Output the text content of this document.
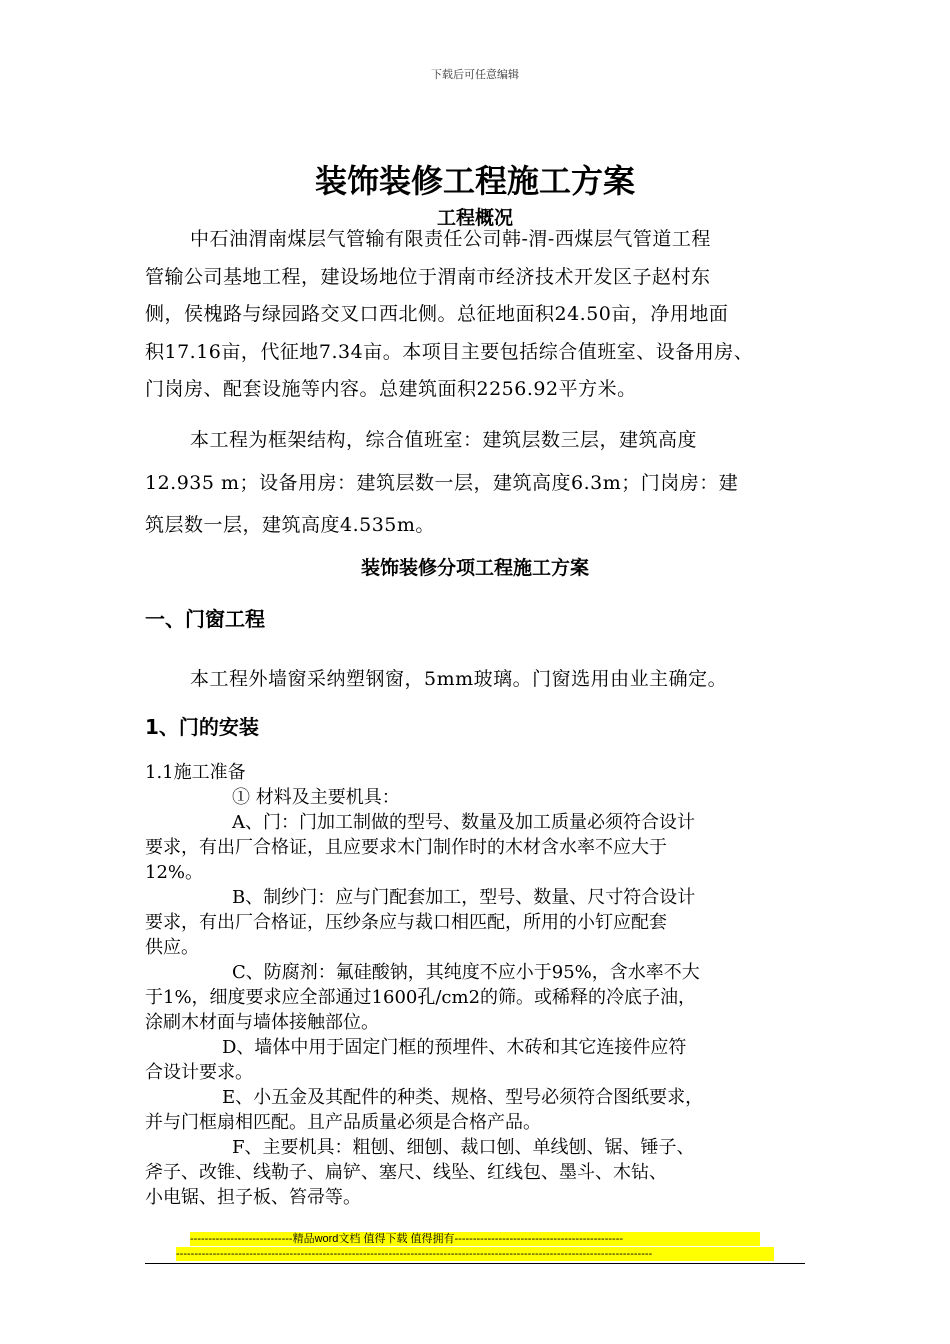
下载后可任意编辑
装饰装修工程施工方案
工程概况

中石油渭南煤层气管输有限责任公司韩-渭-西煤层气管道工程

管输公司基地工程，建设场地位于渭南市经济技术开发区子赵村东

侧，侯槐路与绿园路交叉口西北侧。总征地面积24.50亩，净用地面

积17.16亩，代征地7.34亩。本项目主要包括综合值班室、设备用房、

门岗房、配套设施等内容。总建筑面积2256.92平方米。

本工程为框架结构，综合值班室：建筑层数三层，建筑高度

12.935 m；设备用房：建筑层数一层，建筑高度6.3m；门岗房：建

筑层数一层，建筑高度4.535m。

装饰装修分项工程施工方案
一、门窗工程

本工程外墙窗采纳塑钢窗，5mm玻璃。门窗选用由业主确定。

1、门的安装

1.1施工准备

① 材料及主要机具：

A、门：门加工制做的型号、数量及加工质量必须符合设计

要求，有出厂合格证，且应要求木门制作时的木材含水率不应大于

12%。

B、制纱门：应与门配套加工，型号、数量、尺寸符合设计

要求，有出厂合格证，压纱条应与裁口相匹配，所用的小钉应配套

供应。

C、防腐剂：氟硅酸钠，其纯度不应小于95%，含水率不大

于1%，细度要求应全部通过1600孔/cm2的筛。或稀释的冷底子油，

涂刷木材面与墙体接触部位。

D、墙体中用于固定门框的预埋件、木砖和其它连接件应符

合设计要求。

E、小五金及其配件的种类、规格、型号必须符合图纸要求，

并与门框扇相匹配。且产品质量必须是合格产品。

F、主要机具：粗刨、细刨、裁口刨、单线刨、锯、锤子、

斧子、改锥、线勒子、扁铲、塞尺、线坠、红线包、墨斗、木钻、

小电锯、担子板、笞帚等。

----------------------------精品word文档 值得下载 值得拥有----------------------------------------------
----------------------------------------------------------------------------------------------------------------------------------
